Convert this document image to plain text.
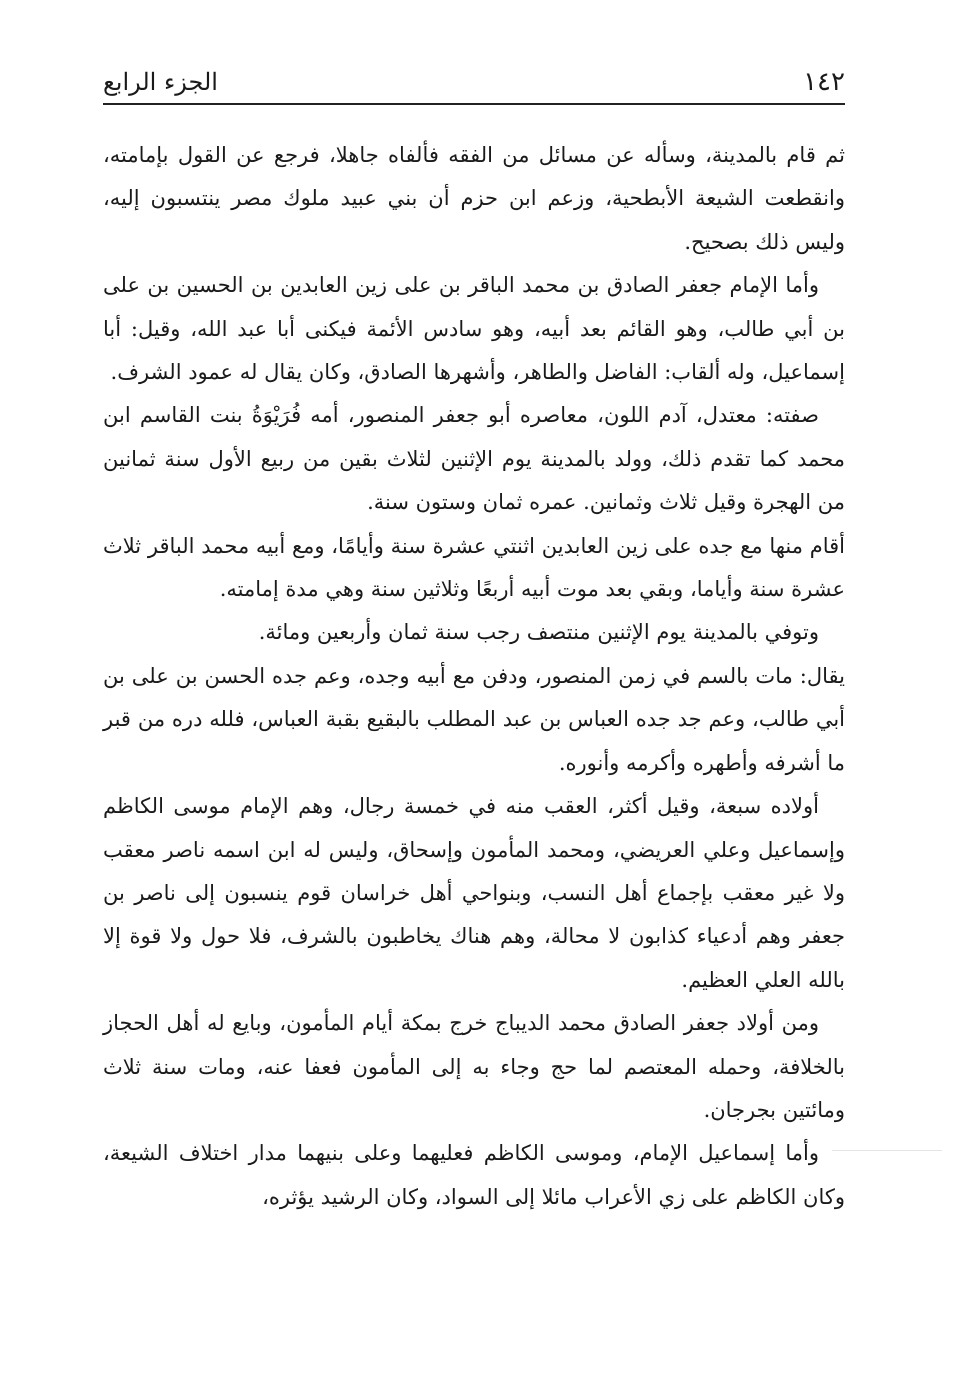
١٤٢
الجزء الرابع

ثم قام بالمدينة، وسأله عن مسائل من الفقه فألفاه جاهلا، فرجع عن القول بإمامته، وانقطعت الشيعة الأبطحية، وزعم ابن حزم أن بني عبيد ملوك مصر ينتسبون إليه، وليس ذلك بصحيح.

وأما الإمام جعفر الصادق بن محمد الباقر بن على زين العابدين بن الحسين بن على بن أبي طالب، وهو القائم بعد أبيه، وهو سادس الأئمة فيكنى أبا عبد الله، وقيل: أبا إسماعيل، وله ألقاب: الفاضل والطاهر، وأشهرها الصادق، وكان يقال له عمود الشرف.

صفته: معتدل، آدم اللون، معاصره أبو جعفر المنصور، أمه فُرَيْوَةُ بنت القاسم ابن محمد كما تقدم ذلك، وولد بالمدينة يوم الإثنين لثلاث بقين من ربيع الأول سنة ثمانين من الهجرة وقيل ثلاث وثمانين. عمره ثمان وستون سنة.

أقام منها مع جده على زين العابدين اثنتي عشرة سنة وأيامًا، ومع أبيه محمد الباقر ثلاث عشرة سنة وأياما، وبقي بعد موت أبيه أربعًا وثلاثين سنة وهي مدة إمامته.

وتوفي بالمدينة يوم الإثنين منتصف رجب سنة ثمان وأربعين ومائة.

يقال: مات بالسم في زمن المنصور، ودفن مع أبيه وجده، وعم جده الحسن بن على بن أبي طالب، وعم جد جده العباس بن عبد المطلب بالبقيع بقبة العباس، فلله دره من قبر ما أشرفه وأطهره وأكرمه وأنوره.

أولاده سبعة، وقيل أكثر، العقب منه في خمسة رجال، وهم الإمام موسى الكاظم وإسماعيل وعلي العريضي، ومحمد المأمون وإسحاق، وليس له ابن اسمه ناصر معقب ولا غير معقب بإجماع أهل النسب، وبنواحي أهل خراسان قوم ينسبون إلى ناصر بن جعفر وهم أدعياء كذابون لا محالة، وهم هناك يخاطبون بالشرف، فلا حول ولا قوة إلا بالله العلي العظيم.

ومن أولاد جعفر الصادق محمد الديباج خرج بمكة أيام المأمون، وبايع له أهل الحجاز بالخلافة، وحمله المعتصم لما حج وجاء به إلى المأمون فعفا عنه، ومات سنة ثلاث ومائتين بجرجان.

وأما إسماعيل الإمام، وموسى الكاظم فعليهما وعلى بنيهما مدار اختلاف الشيعة، وكان الكاظم على زي الأعراب مائلا إلى السواد، وكان الرشيد يؤثره،
